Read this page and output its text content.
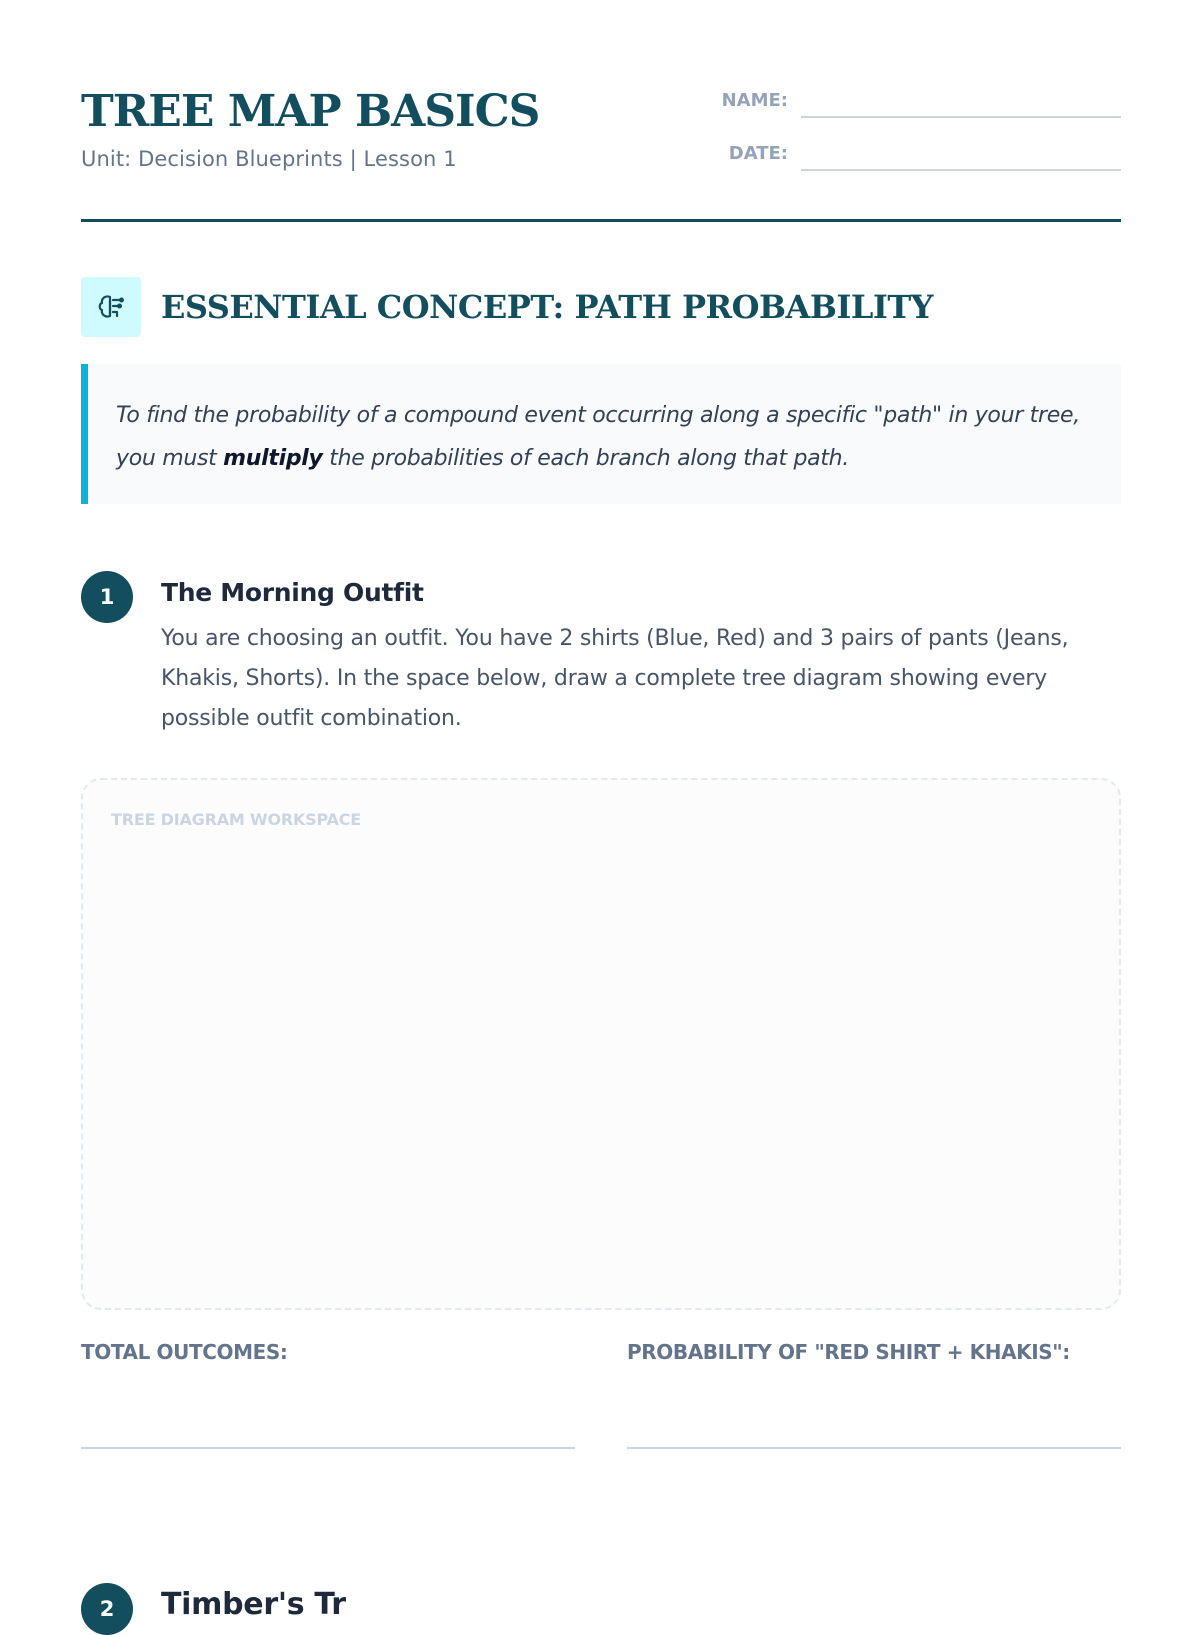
TREE MAP BASICS
Unit: Decision Blueprints | Lesson 1
NAME:
DATE:
ESSENTIAL CONCEPT: PATH PROBABILITY
To find the probability of a compound event occurring along a specific "path" in your tree, you must multiply the probabilities of each branch along that path.
1	The Morning Outfit
You are choosing an outfit. You have 2 shirts (Blue, Red) and 3 pairs of pants (Jeans, Khakis, Shorts). In the space below, draw a complete tree diagram showing every possible outfit combination.
TREE DIAGRAM WORKSPACE
TOTAL OUTCOMES:	PROBABILITY OF "RED SHIRT + KHAKIS":
2	Timber's Tr
